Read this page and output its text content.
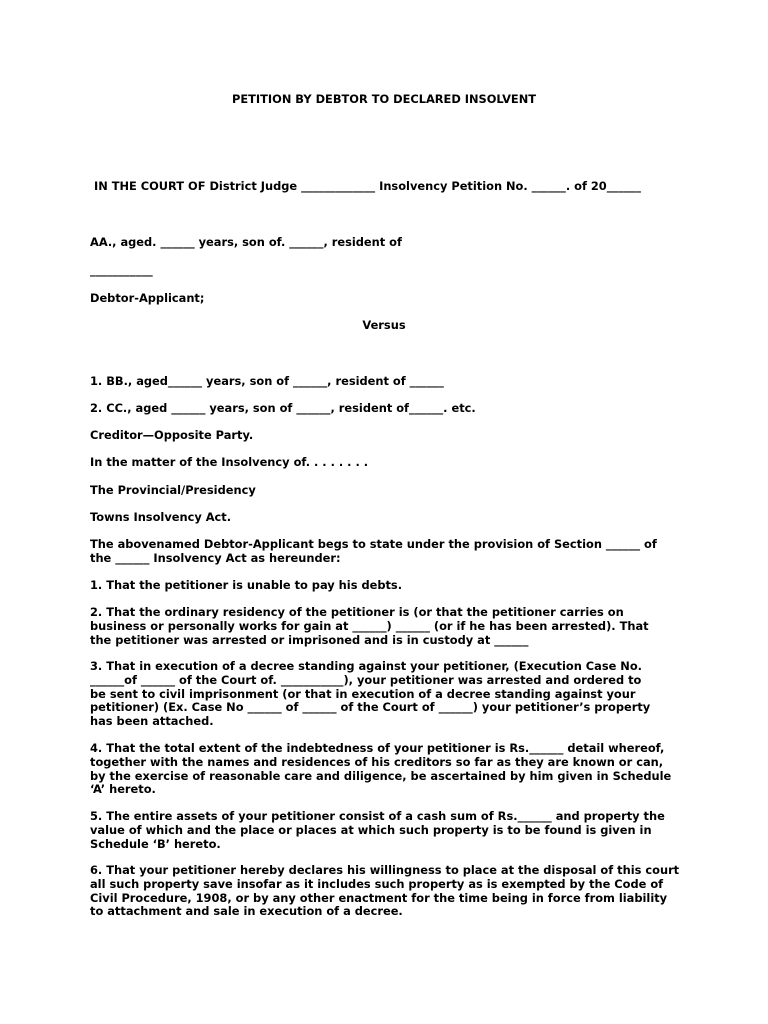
PETITION BY DEBTOR TO DECLARED INSOLVENT
IN THE COURT OF District Judge _____________ Insolvency Petition No. ______. of 20______
AA., aged. ______ years, son of. ______, resident of
___________
Debtor-Applicant;
Versus
1. BB., aged______ years, son of ______, resident of ______
2. CC., aged ______ years, son of ______, resident of______. etc.
Creditor—Opposite Party.
In the matter of the Insolvency of. . . . . . . .
The Provincial/Presidency
Towns Insolvency Act.
The abovenamed Debtor-Applicant begs to state under the provision of Section ______ of
the ______ Insolvency Act as hereunder:
1. That the petitioner is unable to pay his debts.
2. That the ordinary residency of the petitioner is (or that the petitioner carries on
business or personally works for gain at ______) ______ (or if he has been arrested). That
the petitioner was arrested or imprisoned and is in custody at ______
3. That in execution of a decree standing against your petitioner, (Execution Case No.
______of ______ of the Court of. ___________), your petitioner was arrested and ordered to
be sent to civil imprisonment (or that in execution of a decree standing against your
petitioner) (Ex. Case No ______ of ______ of the Court of ______) your petitioner’s property
has been attached.
4. That the total extent of the indebtedness of your petitioner is Rs.______ detail whereof,
together with the names and residences of his creditors so far as they are known or can,
by the exercise of reasonable care and diligence, be ascertained by him given in Schedule
‘A’ hereto.
5. The entire assets of your petitioner consist of a cash sum of Rs.______ and property the
value of which and the place or places at which such property is to be found is given in
Schedule ‘B’ hereto.
6. That your petitioner hereby declares his willingness to place at the disposal of this court
all such property save insofar as it includes such property as is exempted by the Code of
Civil Procedure, 1908, or by any other enactment for the time being in force from liability
to attachment and sale in execution of a decree.
